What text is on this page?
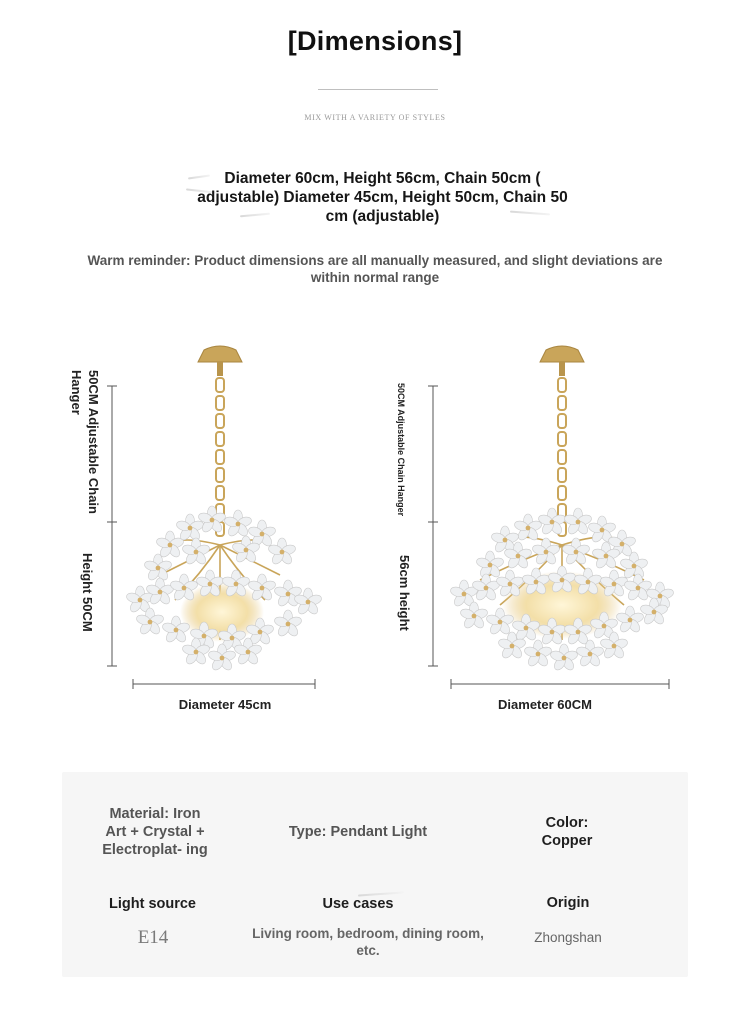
[Dimensions]
MIX WITH A VARIETY OF STYLES
Diameter 60cm, Height 56cm, Chain 50cm ( adjustable) Diameter 45cm, Height 50cm, Chain 50 cm (adjustable)
Warm reminder: Product dimensions are all manually measured, and slight deviations are within normal range
50CM Adjustable Chain Hanger
Height 50CM
Diameter 45cm
50CM Adjustable Chain Hanger
56cm height
Diameter 60CM
Material: Iron Art + Crystal + Electroplat- ing
Type: Pendant Light
Color: Copper
Light source
E14
Use cases
Living room, bedroom, dining room, etc.
Origin
Zhongshan
